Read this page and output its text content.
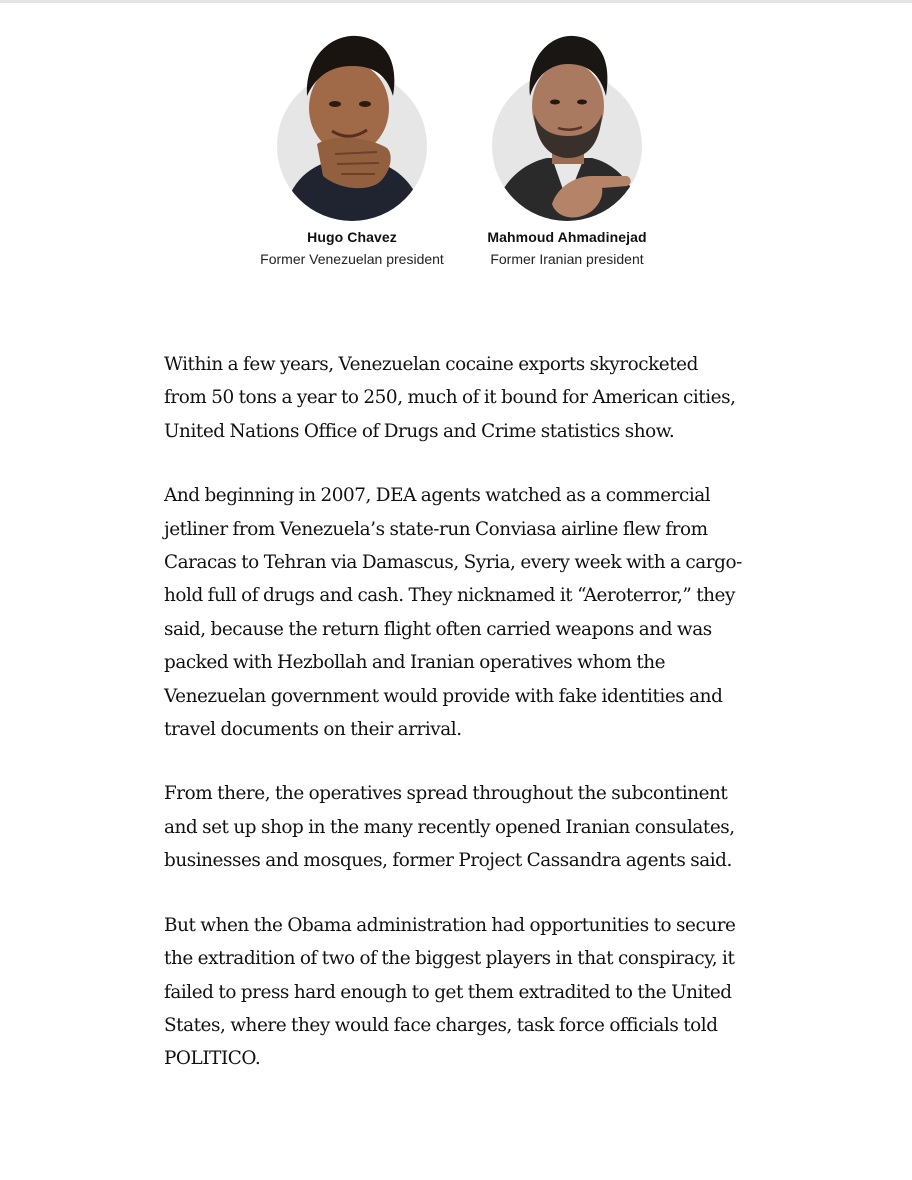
Hugo Chavez
Former Venezuelan president
Mahmoud Ahmadinejad
Former Iranian president

Within a few years, Venezuelan cocaine exports skyrocketed from 50 tons a year to 250, much of it bound for American cities, United Nations Office of Drugs and Crime statistics show.

And beginning in 2007, DEA agents watched as a commercial jetliner from Venezuela’s state-run Conviasa airline flew from Caracas to Tehran via Damascus, Syria, every week with a cargo-hold full of drugs and cash. They nicknamed it “Aeroterror,” they said, because the return flight often carried weapons and was packed with Hezbollah and Iranian operatives whom the Venezuelan government would provide with fake identities and travel documents on their arrival.

From there, the operatives spread throughout the subcontinent and set up shop in the many recently opened Iranian consulates, businesses and mosques, former Project Cassandra agents said.

But when the Obama administration had opportunities to secure the extradition of two of the biggest players in that conspiracy, it failed to press hard enough to get them extradited to the United States, where they would face charges, task force officials told POLITICO.
